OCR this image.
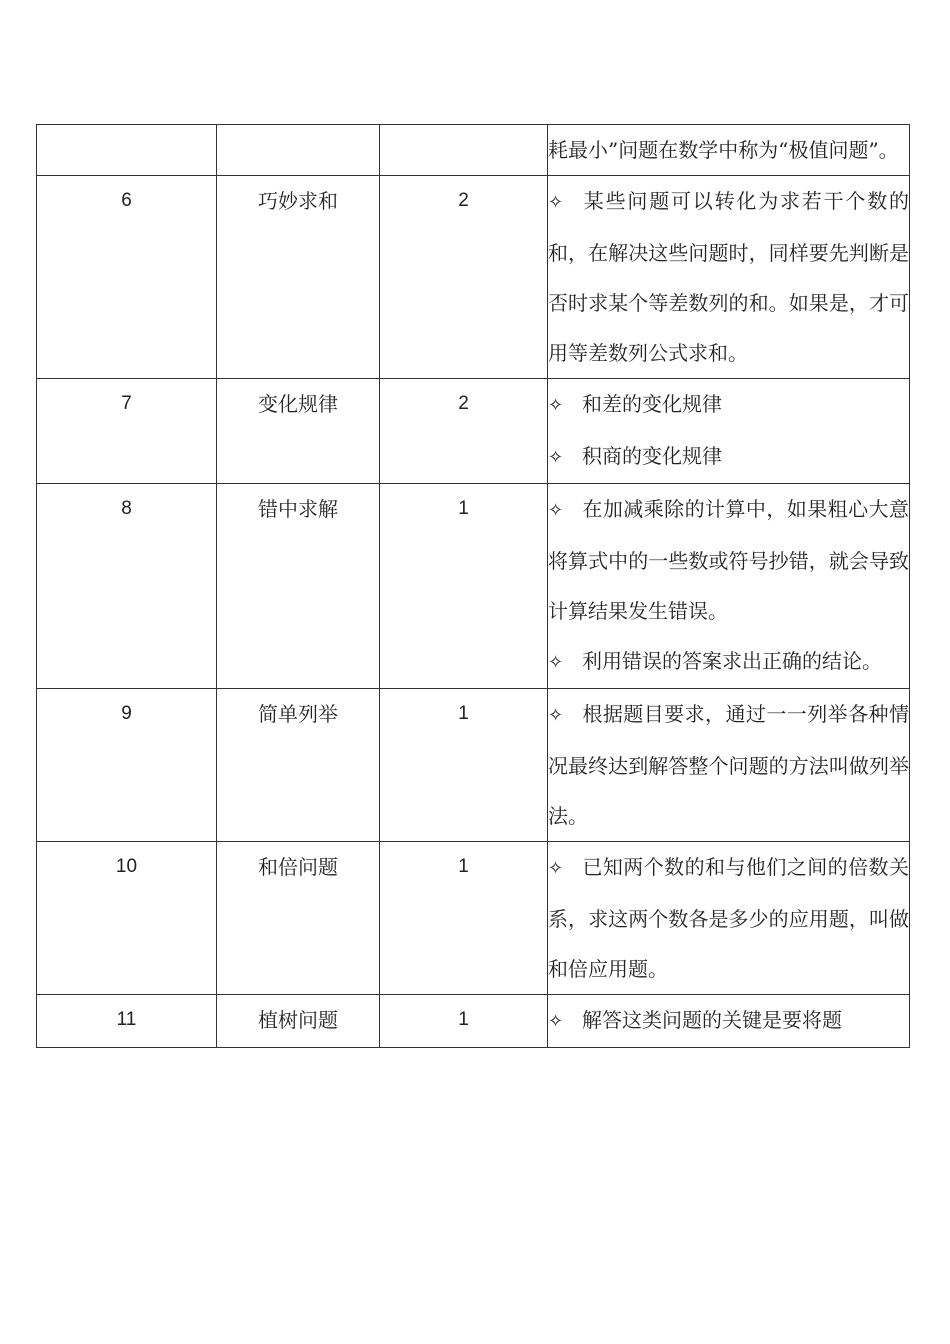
			耗最小”问题在数学中称为“极值问题”。

6	巧妙求和	2	✧ 某些问题可以转化为求若干个数的和，在解决这些问题时，同样要先判断是否时求某个等差数列的和。如果是，才可用等差数列公式求和。

7	变化规律	2	✧ 和差的变化规律

✧ 积商的变化规律

8	错中求解	1	✧ 在加减乘除的计算中，如果粗心大意将算式中的一些数或符号抄错，就会导致计算结果发生错误。

✧ 利用错误的答案求出正确的结论。

9	简单列举	1	✧ 根据题目要求，通过一一列举各种情况最终达到解答整个问题的方法叫做列举法。

10	和倍问题	1	✧ 已知两个数的和与他们之间的倍数关系，求这两个数各是多少的应用题，叫做和倍应用题。

11	植树问题	1	✧ 解答这类问题的关键是要将题
